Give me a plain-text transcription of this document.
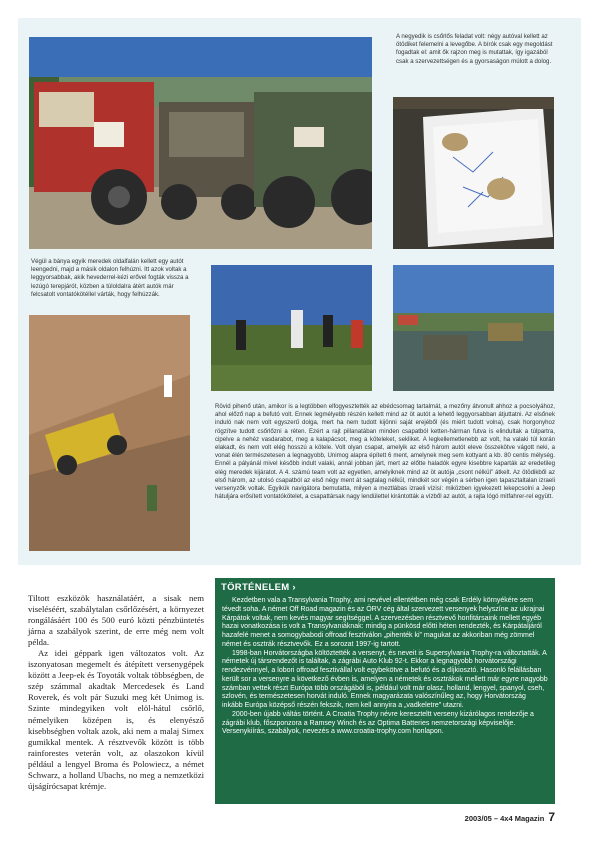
A negyedik is csőrlős feladat volt: négy autóval kellett az ötödiket felemelni a levegőbe. A bírók csak egy megoldást fogadtak el: amit ők rajzon meg is mutattak, így igazából csak a szervezettségen és a gyorsaságon múlott a dolog.

Végül a bánya egyik meredek oldalfalán kellett egy autót leengedni, majd a másik oldalon felhúzni. Itt azok voltak a leggyorsabbak, akik hevederrel-kézi erővel fogták vissza a lezúgó terepjárót, közben a túloldalra átért autók már felcsatolt vontatókötéllel várták, hogy felhúzzák.

Rövid pihenő után, amikor is a legtöbben elfogyesztették az ebédcsomag tartalmát, a mezőny átvonult ahhoz a pocsolyához, ahol előző nap a befutó volt. Ennek legmélyebb részén kellett mind az öt autót a lehető leggyorsabban átjuttatni. Az elsőnek induló nak nem volt egyszerű dolga, mert ha nem tudott kijönni saját erejéből (és miért tudott volna), csak horgonyhoz rögzítve tudott csőrlőzni a réten. Ezért a rajt pillanatában minden csapatból ketten-hárman futva is elindultak a túlpartra, cipelve a nehéz vasdarabot, meg a kalapácsot, meg a köteleket, sekliket. A legkellemetlenebb az volt, ha valaki túl korán elakadt, és nem volt elég hosszú a kötele. Volt olyan csapat, amelyik az első három autót eleve összekötve vágott neki, a vonat élén természetesen a legnagyobb, Unimog alapra épített 6 ment, amelynek meg sem kottyant a kb. 80 centis mélység. Ennél a pályánál mivel később indult valaki, annál jobban járt, mert az előtte haladók egyre kisebbre kaparták az eredetileg elég meredek kijáratot. A 4. számú team volt az egyetlen, amelyiknek mind az öt autója „csont nélkül” átkelt. Az ötödikből az első három, az utolsó csapatból az első négy ment át sagtalag nélkül, mindkét sor végén a sérben igen tapasztaltalan izraeli versenyzők voltak. Egyikük navigátora bemutatta, milyen a meztlábas izraeli vízisí: miközben igyekezett lekepcsolni a Jeep hátuljára erősített vontatókötelet, a csapattársak nagy lendülettel kirántották a vízből az autót, a rajta lógó mitfahrer-rel együtt.

Tiltott eszközök használatáért, a sisak nem viseléséért, szabálytalan csőrlőzésért, a környezet rongálásáért 100 és 500 euró közti pénzbüntetés járna a szabályok szerint, de erre még nem volt példa.

Az idei géppark igen változatos volt. Az iszonyatosan megemelt és átépített versenygépek között a Jeep-ek és Toyoták voltak többségben, de szép számmal akadtak Mercedesek és Land Roverek, és volt pár Suzuki meg két Unimog is. Szinte mindegyiken volt elöl-hátul csőrlő, némelyiken középen is, és elenyésző kisebbségben voltak azok, aki nem a malaj Simex gumikkal mentek. A résztvevők között is több rainforestes veterán volt, az olaszokon kívül például a lengyel Broma és Polowiecz, a német Schwarz, a holland Ubachs, no meg a nemzetközi újságírócsapat krémje.

TÖRTÉNELEM ›

Kezdetben vala a Transylvania Trophy, ami nevével ellentétben még csak Erdély környékére sem tévedt soha. A német Off Road magazin és az ÖRV cég által szervezett versenyek helyszíne az ukrajnai Kárpátok voltak, nem kevés magyar segítséggel. A szervezésben résztvevő honfitársaink mellett egyéb hazai vonatkozása is volt a Transylvaniáknak: mindig a pünkösd előtti héten rendezték, és Kárpátaljáról hazafelé menet a somogybabodi offroad fesztiválon „pihenték ki” magukat az akkoriban még zömmel német és osztrák résztvevők. Ez a sorozat 1997-ig tartott.

1998-ban Horvátországba költöztették a versenyt, és neveit is Supersylvania Trophy-ra változtatták. A németek új társrendezőt is találtak, a zágrábi Auto Klub 92-t. Ekkor a legnagyobb horvátországi rendezvénnyel, a lobori offroad fesztivállal volt egybekötve a befutó és a díjkiosztó. Hasonló felállásban került sor a versenyre a következő évben is, amelyen a németek és osztrákok mellett már egyre nagyobb számban vettek részt Európa több országából is, például volt már olasz, holland, lengyel, spanyol, cseh, szlovén, és természetesen horvát induló. Ennek magyarázata valószínűleg az, hogy Horvátország inkább Európa középső részén fekszik, nem kell annyira a „vadkeletre” utazni.

2000-ben újabb váltás történt. A Croatia Trophy névre kereszteltt verseny kizárólagos rendezője a zágrábi klub, főszponzora a Ramsey Winch és az Optima Batteries nemzetországi képviselője. Versenykiírás, szabályok, nevezés a www.croatia-trophy.com honlapon.

2003/05 – 4x4 Magazin 7
